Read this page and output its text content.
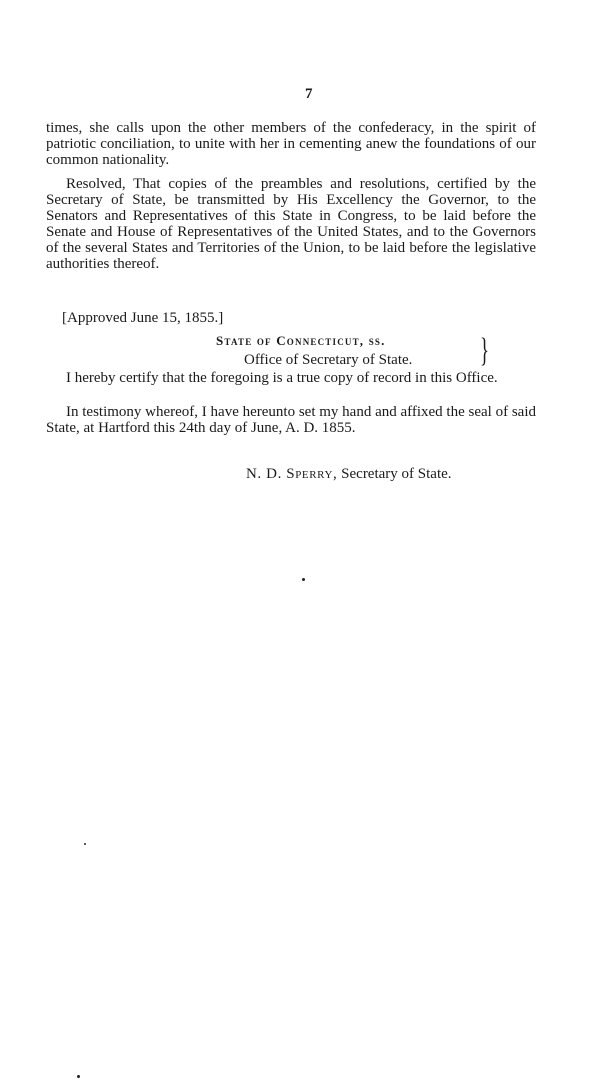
7

times, she calls upon the other members of the confederacy, in the spirit of patriotic conciliation, to unite with her in cementing anew the foundations of our common nationality.

Resolved, That copies of the preambles and resolutions, certified by the Secretary of State, be transmitted by His Excellency the Governor, to the Senators and Representatives of this State in Congress, to be laid before the Senate and House of Representatives of the United States, and to the Governors of the several States and Territories of the Union, to be laid before the legislative authorities thereof.

[Approved June 15, 1855.]
State of Connecticut, ss.
Office of Secretary of State. }

I hereby certify that the foregoing is a true copy of record in this Office.

In testimony whereof, I have hereunto set my hand and affixed the seal of said State, at Hartford this 24th day of June, A. D. 1855.

N. D. Sperry, Secretary of State.
